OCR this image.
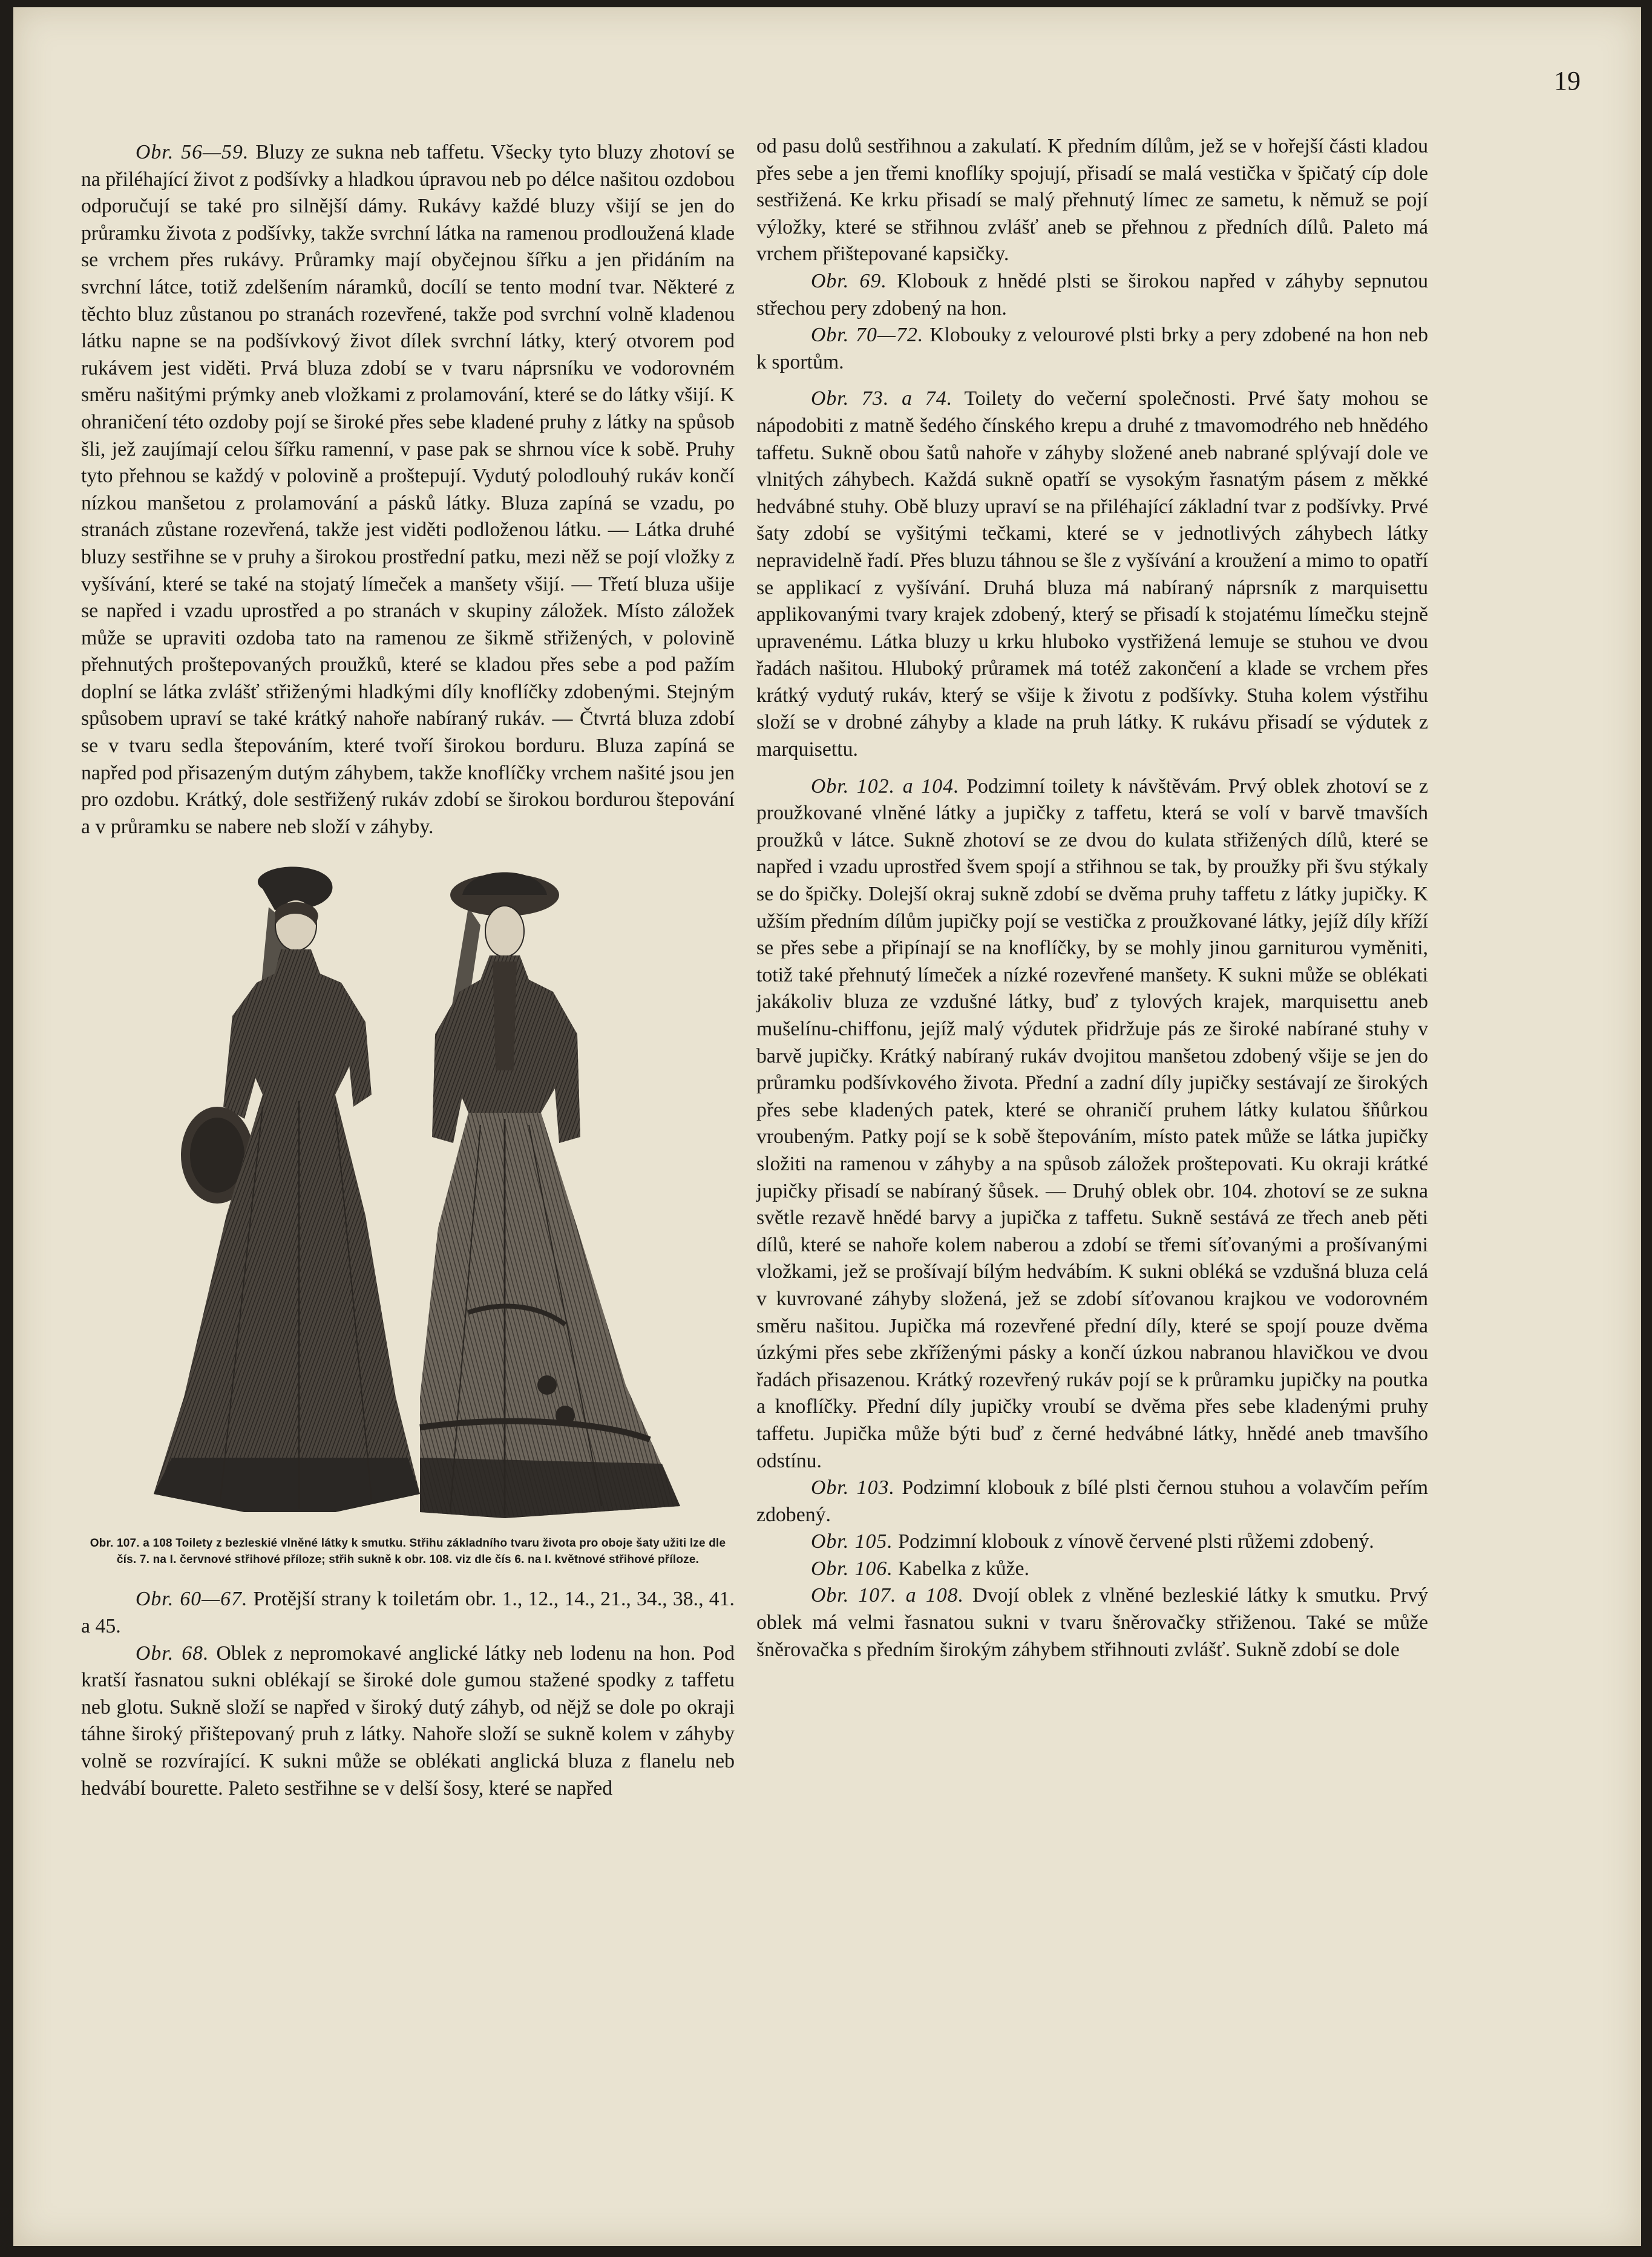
19

Obr. 56—59. Bluzy ze sukna neb taffetu. Všecky tyto bluzy zhotoví se na přiléhající život z podšívky a hladkou úpravou neb po délce našitou ozdobou odporučují se také pro silnější dámy. Rukávy každé bluzy všijí se jen do průramku života z podšívky, takže svrchní látka na ramenou prodloužená klade se vrchem přes rukávy. Průramky mají obyčejnou šířku a jen přidáním na svrchní látce, totiž zdelšením náramků, docílí se tento modní tvar. Některé z těchto bluz zůstanou po stranách rozevřené, takže pod svrchní volně kladenou látku napne se na podšívkový život dílek svrchní látky, který otvorem pod rukávem jest viděti. Prvá bluza zdobí se v tvaru náprsníku ve vodorovném směru našitými prýmky aneb vložkami z prolamování, které se do látky všijí. K ohraničení této ozdoby pojí se široké přes sebe kladené pruhy z látky na spůsob šli, jež zaujímají celou šířku ramenní, v pase pak se shrnou více k sobě. Pruhy tyto přehnou se každý v polovině a proštepují. Vydutý polodlouhý rukáv končí nízkou manšetou z prolamování a pásků látky. Bluza zapíná se vzadu, po stranách zůstane rozevřená, takže jest viděti podloženou látku. — Látka druhé bluzy sestřihne se v pruhy a širokou prostřední patku, mezi něž se pojí vložky z vyšívání, které se také na stojatý límeček a manšety všijí. — Třetí bluza ušije se napřed i vzadu uprostřed a po stranách v skupiny záložek. Místo záložek může se upraviti ozdoba tato na ramenou ze šikmě střižených, v polovině přehnutých proštepovaných proužků, které se kladou přes sebe a pod pažím doplní se látka zvlášť střiženými hladkými díly knoflíčky zdobenými. Stejným spůsobem upraví se také krátký nahoře nabíraný rukáv. — Čtvrtá bluza zdobí se v tvaru sedla štepováním, které tvoří širokou borduru. Bluza zapíná se napřed pod přisazeným dutým záhybem, takže knoflíčky vrchem našité jsou jen pro ozdobu. Krátký, dole sestřižený rukáv zdobí se širokou bordurou štepování a v průramku se nabere neb složí v záhyby.

Obr. 107. a 108 Toilety z bezleskié vlněné látky k smutku. Střihu základního tvaru života pro oboje šaty užiti lze dle čís. 7. na I. červnové střihové příloze; střih sukně k obr. 108. viz dle čís 6. na I. květnové střihové příloze.

Obr. 60—67. Protější strany k toiletám obr. 1., 12., 14., 21., 34., 38., 41. a 45.

Obr. 68. Oblek z nepromokavé anglické látky neb lodenu na hon. Pod kratší řasnatou sukni oblékají se široké dole gumou stažené spodky z taffetu neb glotu. Sukně složí se napřed v široký dutý záhyb, od nějž se dole po okraji táhne široký přištepovaný pruh z látky. Nahoře složí se sukně kolem v záhyby volně se rozvírající. K sukni může se oblékati anglická bluza z flanelu neb hedvábí bourette. Paleto sestřihne se v delší šosy, které se napřed

od pasu dolů sestřihnou a zakulatí. K předním dílům, jež se v hořejší části kladou přes sebe a jen třemi knoflíky spojují, přisadí se malá vestička v špičatý cíp dole sestřižená. Ke krku přisadí se malý přehnutý límec ze sametu, k němuž se pojí výložky, které se střihnou zvlášť aneb se přehnou z předních dílů. Paleto má vrchem přištepované kapsičky.

Obr. 69. Klobouk z hnědé plsti se širokou napřed v záhyby sepnutou střechou pery zdobený na hon.

Obr. 70—72. Klobouky z velourové plsti brky a pery zdobené na hon neb k sportům.

Obr. 73. a 74. Toilety do večerní společnosti. Prvé šaty mohou se nápodobiti z matně šedého čínského krepu a druhé z tmavomodrého neb hnědého taffetu. Sukně obou šatů nahoře v záhyby složené aneb nabrané splývají dole ve vlnitých záhybech. Každá sukně opatří se vysokým řasnatým pásem z měkké hedvábné stuhy. Obě bluzy upraví se na přiléhající základní tvar z podšívky. Prvé šaty zdobí se vyšitými tečkami, které se v jednotlivých záhybech látky nepravidelně řadí. Přes bluzu táhnou se šle z vyšívání a kroužení a mimo to opatří se applikací z vyšívání. Druhá bluza má nabíraný náprsník z marquisettu applikovanými tvary krajek zdobený, který se přisadí k stojatému límečku stejně upravenému. Látka bluzy u krku hluboko vystřižená lemuje se stuhou ve dvou řadách našitou. Hluboký průramek má totéž zakončení a klade se vrchem přes krátký vydutý rukáv, který se všije k životu z podšívky. Stuha kolem výstřihu složí se v drobné záhyby a klade na pruh látky. K rukávu přisadí se výdutek z marquisettu.

Obr. 102. a 104. Podzimní toilety k návštěvám. Prvý oblek zhotoví se z proužkované vlněné látky a jupičky z taffetu, která se volí v barvě tmavších proužků v látce. Sukně zhotoví se ze dvou do kulata střižených dílů, které se napřed i vzadu uprostřed švem spojí a střihnou se tak, by proužky při švu stýkaly se do špičky. Dolejší okraj sukně zdobí se dvěma pruhy taffetu z látky jupičky. K užším předním dílům jupičky pojí se vestička z proužkované látky, jejíž díly kříží se přes sebe a připínají se na knoflíčky, by se mohly jinou garniturou vyměniti, totiž také přehnutý límeček a nízké rozevřené manšety. K sukni může se oblékati jakákoliv bluza ze vzdušné látky, buď z tylových krajek, marquisettu aneb mušelínu-chiffonu, jejíž malý výdutek přidržuje pás ze široké nabírané stuhy v barvě jupičky. Krátký nabíraný rukáv dvojitou manšetou zdobený všije se jen do průramku podšívkového života. Přední a zadní díly jupičky sestávají ze širokých přes sebe kladených patek, které se ohraničí pruhem látky kulatou šňůrkou vroubeným. Patky pojí se k sobě štepováním, místo patek může se látka jupičky složiti na ramenou v záhyby a na spůsob záložek proštepovati. Ku okraji krátké jupičky přisadí se nabíraný šůsek. — Druhý oblek obr. 104. zhotoví se ze sukna světle rezavě hnědé barvy a jupička z taffetu. Sukně sestává ze třech aneb pěti dílů, které se nahoře kolem naberou a zdobí se třemi síťovanými a prošívanými vložkami, jež se prošívají bílým hedvábím. K sukni obléká se vzdušná bluza celá v kuvrované záhyby složená, jež se zdobí síťovanou krajkou ve vodorovném směru našitou. Jupička má rozevřené přední díly, které se spojí pouze dvěma úzkými přes sebe zkříženými pásky a končí úzkou nabranou hlavičkou ve dvou řadách přisazenou. Krátký rozevřený rukáv pojí se k průramku jupičky na poutka a knoflíčky. Přední díly jupičky vroubí se dvěma přes sebe kladenými pruhy taffetu. Jupička může býti buď z černé hedvábné látky, hnědé aneb tmavšího odstínu.

Obr. 103. Podzimní klobouk z bílé plsti černou stuhou a volavčím peřím zdobený.

Obr. 105. Podzimní klobouk z vínově červené plsti růžemi zdobený.

Obr. 106. Kabelka z kůže.

Obr. 107. a 108. Dvojí oblek z vlněné bezleskié látky k smutku. Prvý oblek má velmi řasnatou sukni v tvaru šněrovačky střiženou. Také se může šněrovačka s předním širokým záhybem střihnouti zvlášť. Sukně zdobí se dole
